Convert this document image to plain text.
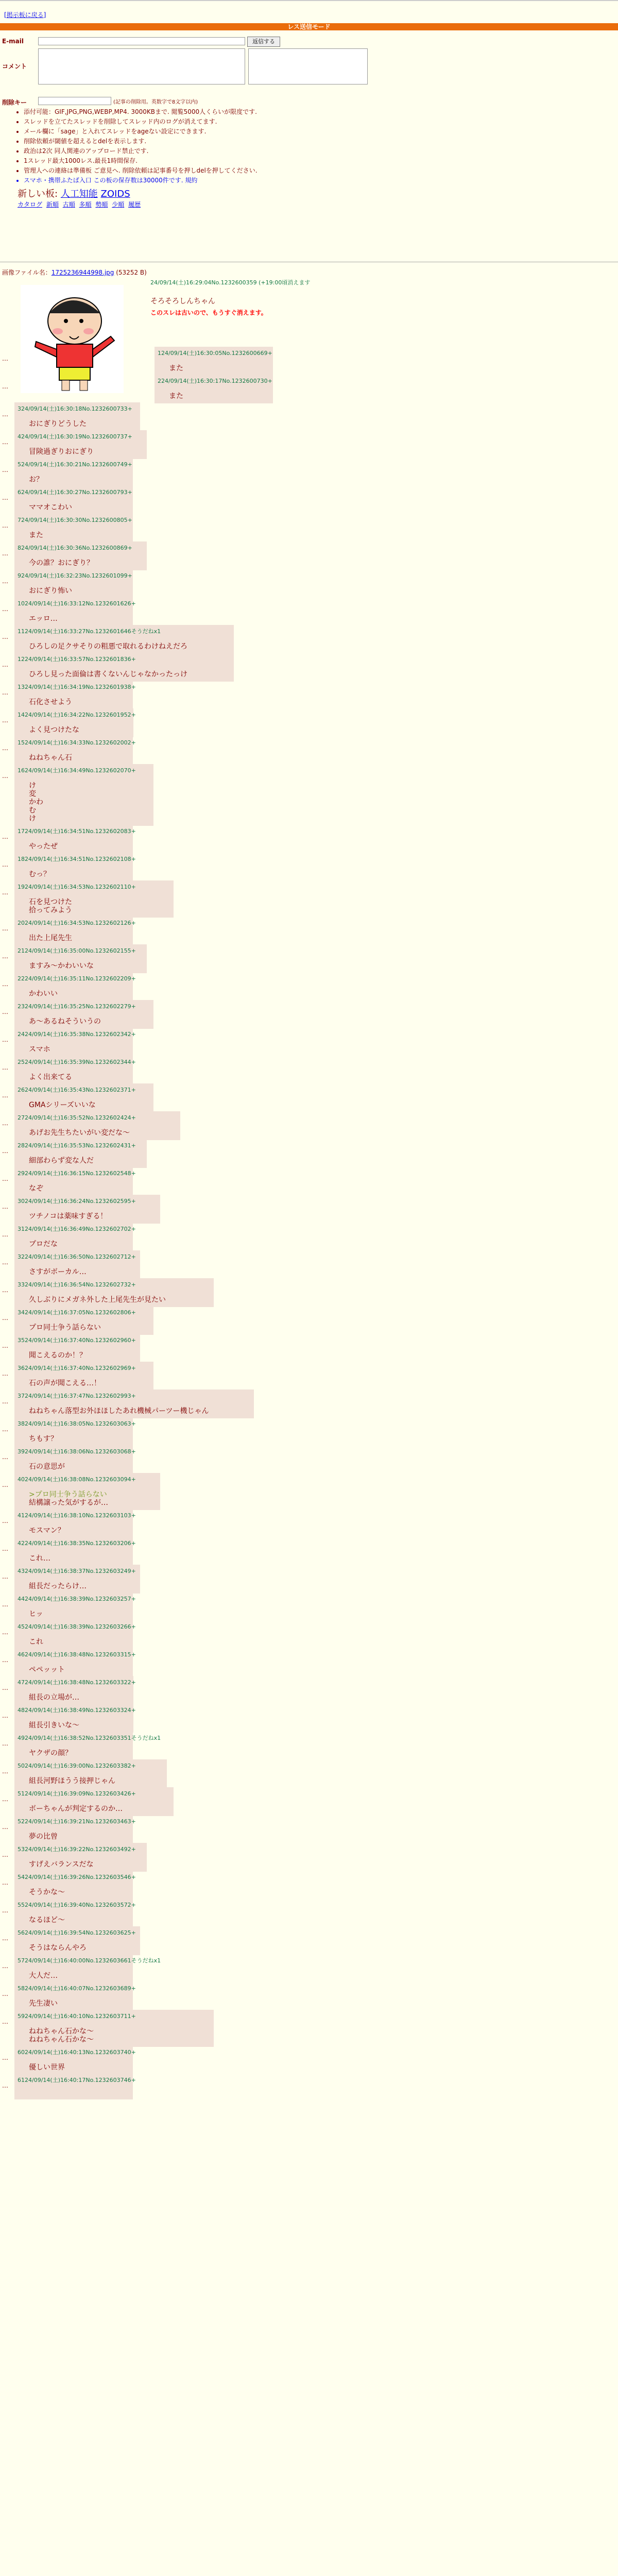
[掲示板に戻る]
レス送信モード
E-mail	返信する
コメント
削除キー	(記事の削除用。英数字で8文字以内)
• 添付可能：GIF,JPG,PNG,WEBP,MP4. 3000KBまで. 閲覧5000人くらいが限度です.
• スレッドを立てたスレッドを削除してスレッド内のログが消えてます.
• メール欄に「sage」と入れてスレッドをageない設定にできます.
• 削除依頼が閾値を超えるとdelを表示します.
• 政治は2次 同人関連のアップロード禁止です.
• 1スレッド最大1000レス.最長1時間保存.
• 管理人への連絡は準備板 ご意見へ. 削除依頼は記事番号を押しdelを押してください.
• スマホ・携帯ふたば入口 この板の保存数は30000件です. 規約
新しい板: 人工知能 ZOIDS
カタログ 新順 古順 多順 勢順 少順 履歴
画像ファイル名：1725236944998.jpg (53252 B)
24/09/14(土)16:29:04No.1232600359 (+19:00頃消えます
そろそろしんちゃん
このスレは古いので、もうすぐ消えます。
…
124/09/14(土)16:30:05No.1232600669+
また
…
224/09/14(土)16:30:17No.1232600730+
また
…
324/09/14(土)16:30:18No.1232600733+
おにぎりどうした
…
424/09/14(土)16:30:19No.1232600737+
冒険過ぎりおにぎり
…
524/09/14(土)16:30:21No.1232600749+
お？
…
624/09/14(土)16:30:27No.1232600793+
ママオこわい
…
724/09/14(土)16:30:30No.1232600805+
また
…
824/09/14(土)16:30:36No.1232600869+
今の誰？おにぎり？
…
924/09/14(土)16:32:23No.1232601099+
おにぎり怖い
…
1024/09/14(土)16:33:12No.1232601626+
エッロ…
…
1124/09/14(土)16:33:27No.1232601646そうだねx1
ひろしの足クサそりの粗悪で取れるわけねえだろ
…
1224/09/14(土)16:33:57No.1232601836+
ひろし見った面倫は書くないんじゃなかったっけ
…
1324/09/14(土)16:34:19No.1232601938+
石化させよう
…
1424/09/14(土)16:34:22No.1232601952+
よく見つけたな
…
1524/09/14(土)16:34:33No.1232602002+
ねねちゃん石
…
1624/09/14(土)16:34:49No.1232602070+
け
変
かわ
む
け
…
1724/09/14(土)16:34:51No.1232602083+
やったぜ
…
1824/09/14(土)16:34:51No.1232602108+
むっ？
…
1924/09/14(土)16:34:53No.1232602110+
石を見つけた
拾ってみよう
…
2024/09/14(土)16:34:53No.1232602126+
出た上尾先生
…
2124/09/14(土)16:35:00No.1232602155+
ますみ〜かわいいな
…
2224/09/14(土)16:35:11No.1232602209+
かわいい
…
2324/09/14(土)16:35:25No.1232602279+
あ〜あるねそういうの
…
2424/09/14(土)16:35:38No.1232602342+
スマホ
…
2524/09/14(土)16:35:39No.1232602344+
よく出来てる
…
2624/09/14(土)16:35:43No.1232602371+
GMAシリーズいいな
…
2724/09/14(土)16:35:52No.1232602424+
あげお先生ちたいがい変だな〜
…
2824/09/14(土)16:35:53No.1232602431+
細部わらず変な人だ
…
2924/09/14(土)16:36:15No.1232602548+
なぞ
…
3024/09/14(土)16:36:24No.1232602595+
ツチノコは薬味すぎる！
…
3124/09/14(土)16:36:49No.1232602702+
プロだな
…
3224/09/14(土)16:36:50No.1232602712+
さすがボーカル…
…
3324/09/14(土)16:36:54No.1232602732+
久しぶりにメガネ外した上尾先生が見たい
…
3424/09/14(土)16:37:05No.1232602806+
プロ同士争う話らない
…
3524/09/14(土)16:37:40No.1232602960+
聞こえるのか！？
…
3624/09/14(土)16:37:40No.1232602969+
石の声が聞こえる…！
…
3724/09/14(土)16:37:47No.1232602993+
ねねちゃん落型お外ほほしたあれ機械パーツー機じゃん
…
3824/09/14(土)16:38:05No.1232603063+
ちもす？
…
3924/09/14(土)16:38:06No.1232603068+
石の意思が
…
4024/09/14(土)16:38:08No.1232603094+
>プロ同士争う話らない
結構譲った気がするが…
…
4124/09/14(土)16:38:10No.1232603103+
モスマン？
…
4224/09/14(土)16:38:35No.1232603206+
これ…
…
4324/09/14(土)16:38:37No.1232603249+
組長だったらけ…
…
4424/09/14(土)16:38:39No.1232603257+
ヒッ
…
4524/09/14(土)16:38:39No.1232603266+
これ
…
4624/09/14(土)16:38:48No.1232603315+
ペペッット
…
4724/09/14(土)16:38:48No.1232603322+
組長の立場が…
…
4824/09/14(土)16:38:49No.1232603324+
組長引きいな〜
…
4924/09/14(土)16:38:52No.1232603351そうだねx1
ヤクザの顔？
…
5024/09/14(土)16:39:00No.1232603382+
組長河野ほうう接押じゃん
…
5124/09/14(土)16:39:09No.1232603426+
ボーちゃんが判定するのか…
…
5224/09/14(土)16:39:21No.1232603463+
夢の比曾
…
5324/09/14(土)16:39:22No.1232603492+
すげえバランスだな
…
5424/09/14(土)16:39:26No.1232603546+
そうかな〜
…
5524/09/14(土)16:39:40No.1232603572+
なるほど〜
…
5624/09/14(土)16:39:54No.1232603625+
そうはならんやろ
…
5724/09/14(土)16:40:00No.1232603661そうだねx1
大人だ…
…
5824/09/14(土)16:40:07No.1232603689+
先生凄い
…
5924/09/14(土)16:40:10No.1232603711+
ねねちゃん石かな〜
ねねちゃん石かな〜
…
6024/09/14(土)16:40:13No.1232603740+
優しい世界
…
6124/09/14(土)16:40:17No.1232603746+
